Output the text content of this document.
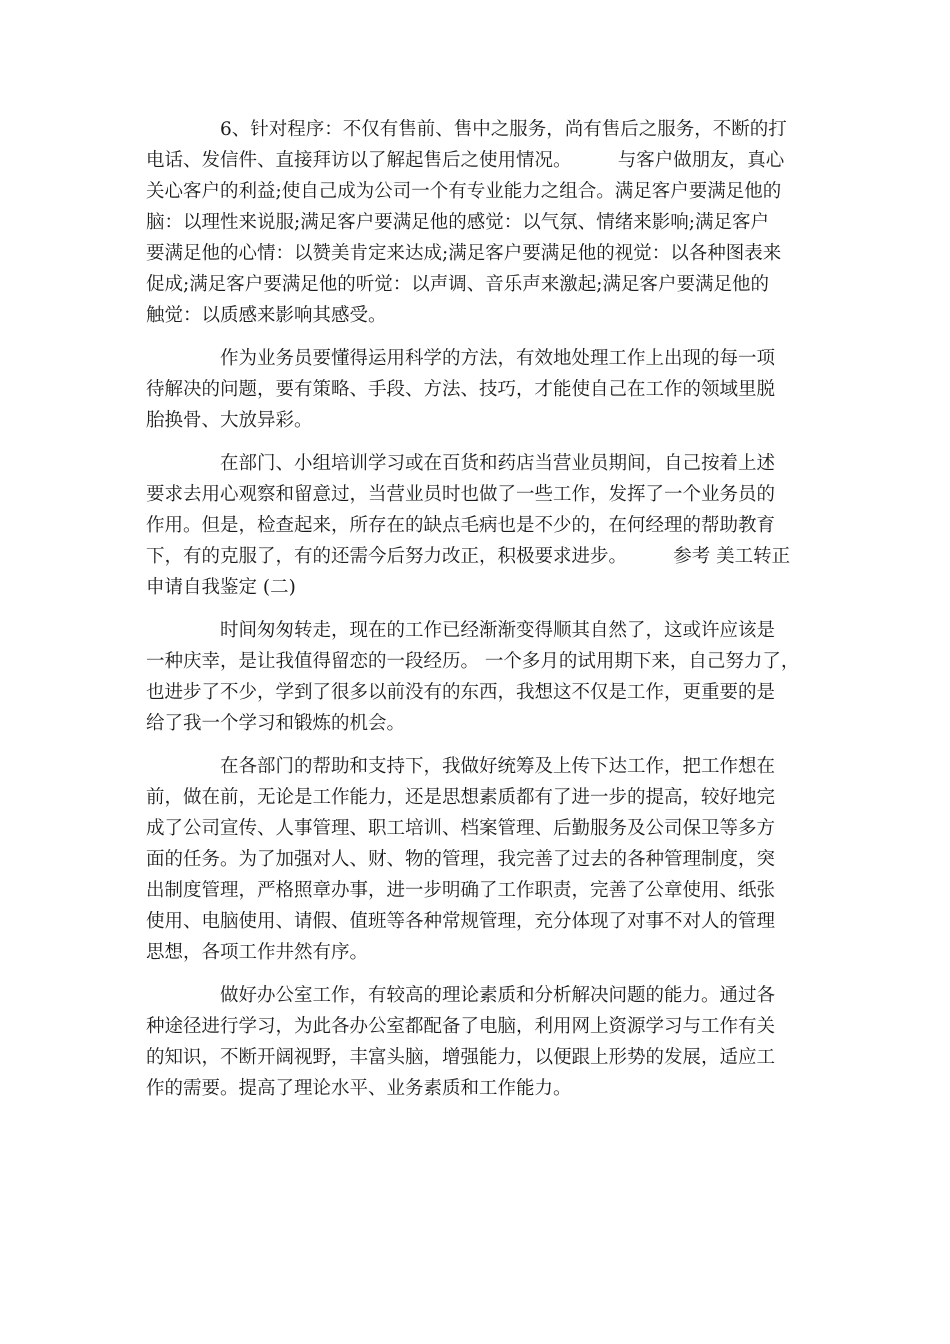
　　　　6、针对程序：不仅有售前、售中之服务，尚有售后之服务，不断的打
电话、发信件、直接拜访以了解起售后之使用情况。　　　与客户做朋友，真心
关心客户的利益;使自己成为公司一个有专业能力之组合。满足客户要满足他的
脑：以理性来说服;满足客户要满足他的感觉：以气氛、情绪来影响;满足客户
要满足他的心情：以赞美肯定来达成;满足客户要满足他的视觉：以各种图表来
促成;满足客户要满足他的听觉：以声调、音乐声来激起;满足客户要满足他的
触觉：以质感来影响其感受。
　　　　作为业务员要懂得运用科学的方法，有效地处理工作上出现的每一项
待解决的问题，要有策略、手段、方法、技巧，才能使自己在工作的领域里脱
胎换骨、大放异彩。
　　　　在部门、小组培训学习或在百货和药店当营业员期间，自己按着上述
要求去用心观察和留意过，当营业员时也做了一些工作，发挥了一个业务员的
作用。但是，检查起来，所存在的缺点毛病也是不少的，在何经理的帮助教育
下，有的克服了，有的还需今后努力改正，积极要求进步。　　　参考 美工转正
申请自我鉴定 (二)
　　　　时间匆匆转走，现在的工作已经渐渐变得顺其自然了，这或许应该是
一种庆幸，是让我值得留恋的一段经历。 一个多月的试用期下来，自己努力了，
也进步了不少，学到了很多以前没有的东西，我想这不仅是工作，更重要的是
给了我一个学习和锻炼的机会。
　　　　在各部门的帮助和支持下，我做好统筹及上传下达工作，把工作想在
前，做在前，无论是工作能力，还是思想素质都有了进一步的提高，较好地完
成了公司宣传、人事管理、职工培训、档案管理、后勤服务及公司保卫等多方
面的任务。为了加强对人、财、物的管理，我完善了过去的各种管理制度，突
出制度管理，严格照章办事，进一步明确了工作职责，完善了公章使用、纸张
使用、电脑使用、请假、值班等各种常规管理，充分体现了对事不对人的管理
思想，各项工作井然有序。
　　　　做好办公室工作，有较高的理论素质和分析解决问题的能力。通过各
种途径进行学习，为此各办公室都配备了电脑，利用网上资源学习与工作有关
的知识，不断开阔视野，丰富头脑，增强能力，以便跟上形势的发展，适应工
作的需要。提高了理论水平、业务素质和工作能力。
